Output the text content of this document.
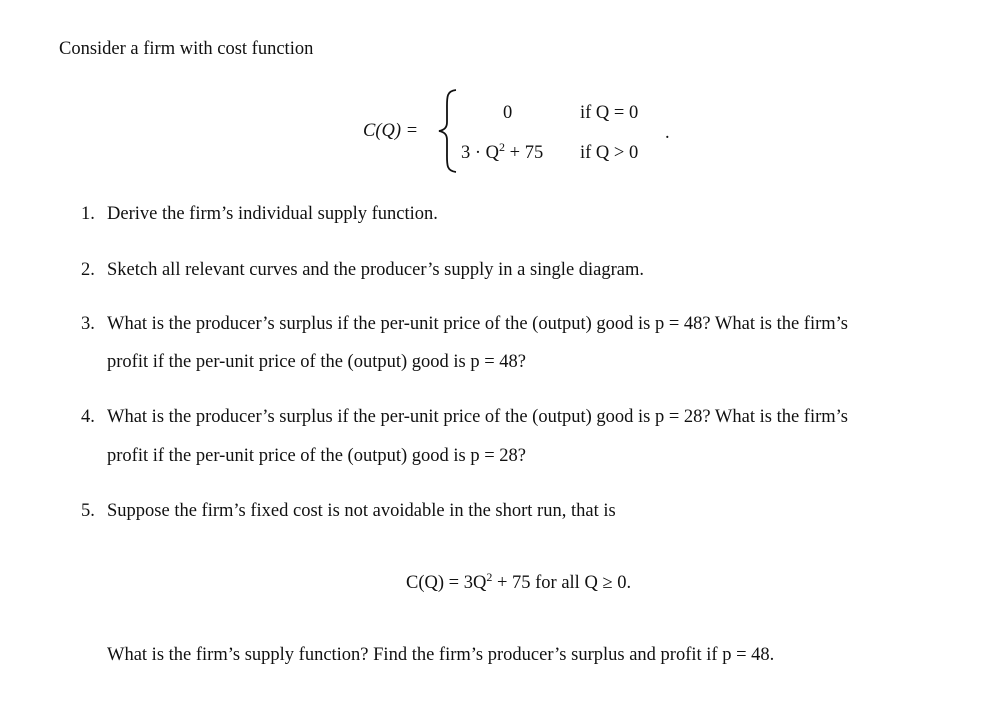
Consider a firm with cost function
C(Q) =
0	if Q = 0
$3 \cdot Q^2 + 75$ if Q > 0
.
1. Derive the firm’s individual supply function.
2. Sketch all relevant curves and the producer’s supply in a single diagram.
3. What is the producer’s surplus if the per-unit price of the (output) good is p = 48? What is the firm’s
profit if the per-unit price of the (output) good is p = 48?
4. What is the producer’s surplus if the per-unit price of the (output) good is p = 28? What is the firm’s
profit if the per-unit price of the (output) good is p = 28?
5. Suppose the firm’s fixed cost is not avoidable in the short run, that is
$C(Q) = 3Q^2 + 75$ for all Q ≥ 0.
What is the firm’s supply function? Find the firm’s producer’s surplus and profit if p = 48.
